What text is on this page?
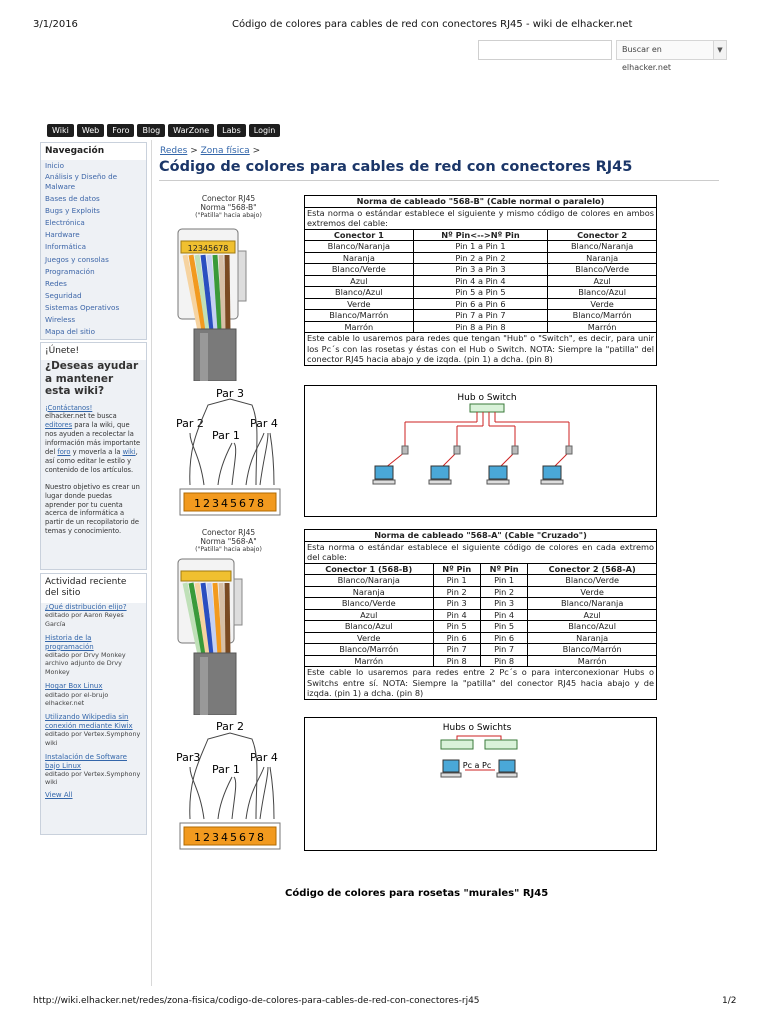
3/1/2016	Código de colores para cables de red con conectores RJ45 - wiki de elhacker.net
Buscar en elhacker.net
▼
Wiki	Web	Foro	Blog	WarZone	Labs	Login
Navegación
Inicio
Análisis y Diseño de Malware
Bases de datos
Bugs y Exploits
Electrónica
Hardware
Informática
Juegos y consolas
Programación
Redes
Seguridad
Sistemas Operativos
Wireless
Mapa del sitio
¡Únete!
¿Deseas ayudar a mantener esta wiki?
¡Contáctanos!
elhacker.net te busca editores para la wiki, que nos ayuden a recolectar la información más importante del foro y moverla a la wiki, así como editar le estilo y contenido de los artículos.
Nuestro objetivo es crear un lugar donde puedas aprender por tu cuenta acerca de informática a partir de un recopilatorio de temas y conocimiento.
Actividad reciente del sitio
¿Qué distribución elijo?
editado por Aaron Reyes García
Historia de la programación
editado por Drvy Monkey archivo adjunto de Drvy Monkey
Hogar Box Linux
editado por el-brujo elhacker.net
Utilizando Wikipedia sin conexión mediante Kiwix
editado por Vertex.Symphony wiki
Instalación de Software bajo Linux
editado por Vertex.Symphony wiki
View All
Redes > Zona física >
Código de colores para cables de red con conectores RJ45
Conector RJ45
Norma "568-B"
("Patilla" hacia abajo)
12345678
Norma de cableado "568-B" (Cable normal o paralelo)		
Esta norma o estándar establece el siguiente y mismo código de colores en ambos extremos del cable:		
Conector 1	Nº Pin<-->Nº Pin	Conector 2
Blanco/Naranja	Pin 1 a Pin 1	Blanco/Naranja
Naranja	Pin 2 a Pin 2	Naranja
Blanco/Verde	Pin 3 a Pin 3	Blanco/Verde
Azul	Pin 4 a Pin 4	Azul
Blanco/Azul	Pin 5 a Pin 5	Blanco/Azul
Verde	Pin 6 a Pin 6	Verde
Blanco/Marrón	Pin 7 a Pin 7	Blanco/Marrón
Marrón	Pin 8 a Pin 8	Marrón
Este cable lo usaremos para redes que tengan "Hub" o "Switch", es decir, para unir los Pc´s con las rosetas y éstas con el Hub o Switch. NOTA: Siempre la "patilla" del conector RJ45 hacia abajo y de izqda. (pin 1) a dcha. (pin 8)		
Par 3
Par 2
Par 1
Par 4
12345678
Hub o Switch
Conector RJ45
Norma "568-A"
("Patilla" hacia abajo)
Norma de cableado "568-A" (Cable "Cruzado")			
Esta norma o estándar establece el siguiente código de colores en cada extremo del cable:			
Conector 1 (568-B)	Nº Pin	Nº Pin	Conector 2 (568-A)
Blanco/Naranja	Pin 1	Pin 1	Blanco/Verde
Naranja	Pin 2	Pin 2	Verde
Blanco/Verde	Pin 3	Pin 3	Blanco/Naranja
Azul	Pin 4	Pin 4	Azul
Blanco/Azul	Pin 5	Pin 5	Blanco/Azul
Verde	Pin 6	Pin 6	Naranja
Blanco/Marrón	Pin 7	Pin 7	Blanco/Marrón
Marrón	Pin 8	Pin 8	Marrón
Este cable lo usaremos para redes entre 2 Pc´s o para interconexionar Hubs o Switchs entre sí. NOTA: Siempre la "patilla" del conector RJ45 hacia abajo y de izqda. (pin 1) a dcha. (pin 8)			
Par 2
Par3
Par 1
Par 4
12345678
Hubs o Swichts
Pc a Pc
Código de colores para rosetas "murales" RJ45
http://wiki.elhacker.net/redes/zona-fisica/codigo-de-colores-para-cables-de-red-con-conectores-rj45	1/2
